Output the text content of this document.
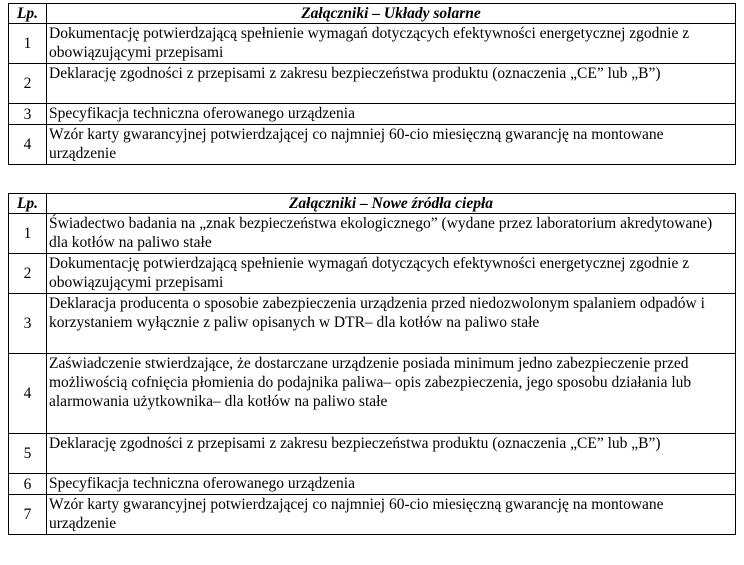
Lp.	Załączniki – Układy solarne
1	Dokumentację potwierdzającą spełnienie wymagań dotyczących efektywności energetycznej zgodnie z obowiązującymi przepisami
2	Deklarację zgodności z przepisami z zakresu bezpieczeństwa produktu (oznaczenia „CE” lub „B”)
3	Specyfikacja techniczna oferowanego urządzenia
4	Wzór karty gwarancyjnej potwierdzającej co najmniej 60-cio miesięczną gwarancję na montowane urządzenie
Lp.	Załączniki – Nowe źródła ciepła
1	Świadectwo badania na „znak bezpieczeństwa ekologicznego” (wydane przez laboratorium akredytowane) dla kotłów na paliwo stałe
2	Dokumentację potwierdzającą spełnienie wymagań dotyczących efektywności energetycznej zgodnie z obowiązującymi przepisami
3	Deklaracja producenta o sposobie zabezpieczenia urządzenia przed niedozwolonym spalaniem odpadów i korzystaniem wyłącznie z paliw opisanych w DTR– dla kotłów na paliwo stałe
4	Zaświadczenie stwierdzające, że dostarczane urządzenie posiada minimum jedno zabezpieczenie przed możliwością cofnięcia płomienia do podajnika paliwa– opis zabezpieczenia, jego sposobu działania lub alarmowania użytkownika– dla kotłów na paliwo stałe
5	Deklarację zgodności z przepisami z zakresu bezpieczeństwa produktu (oznaczenia „CE” lub „B”)
6	Specyfikacja techniczna oferowanego urządzenia
7	Wzór karty gwarancyjnej potwierdzającej co najmniej 60-cio miesięczną gwarancję na montowane urządzenie
